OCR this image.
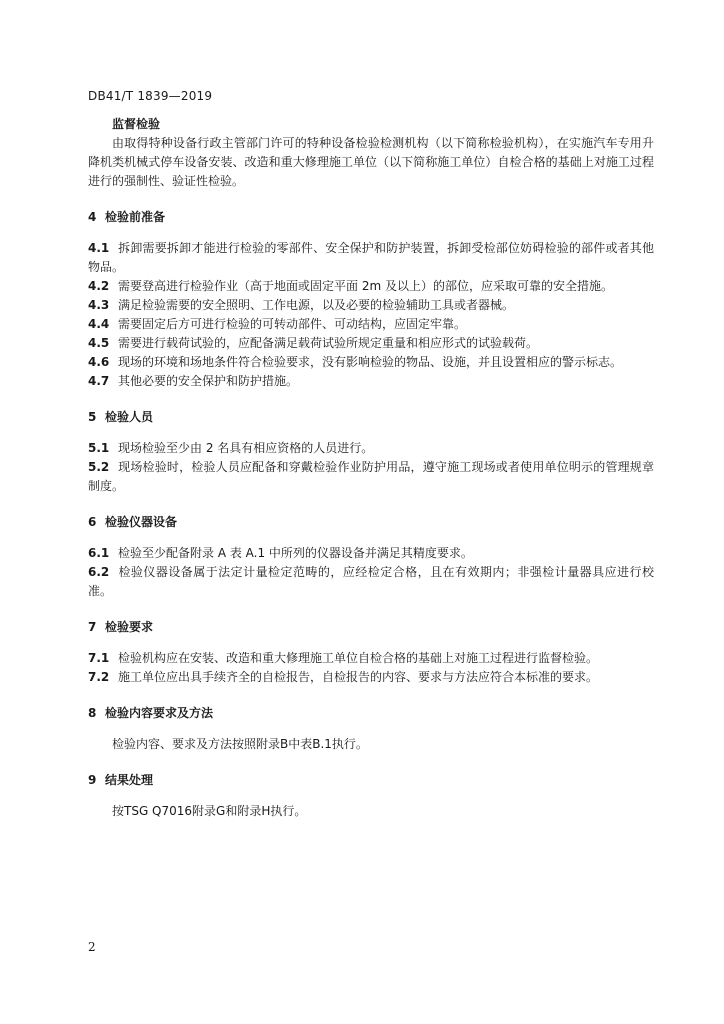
DB41/T 1839—2019
监督检验

由取得特种设备行政主管部门许可的特种设备检验检测机构（以下简称检验机构），在实施汽车专用升降机类机械式停车设备安装、改造和重大修理施工单位（以下简称施工单位）自检合格的基础上对施工过程进行的强制性、验证性检验。

4 检验前准备

4.1 拆卸需要拆卸才能进行检验的零部件、安全保护和防护装置，拆卸受检部位妨碍检验的部件或者其他物品。

4.2 需要登高进行检验作业（高于地面或固定平面 2m 及以上）的部位，应采取可靠的安全措施。

4.3 满足检验需要的安全照明、工作电源，以及必要的检验辅助工具或者器械。

4.4 需要固定后方可进行检验的可转动部件、可动结构，应固定牢靠。

4.5 需要进行载荷试验的，应配备满足载荷试验所规定重量和相应形式的试验载荷。

4.6 现场的环境和场地条件符合检验要求，没有影响检验的物品、设施，并且设置相应的警示标志。

4.7 其他必要的安全保护和防护措施。

5 检验人员

5.1 现场检验至少由 2 名具有相应资格的人员进行。

5.2 现场检验时，检验人员应配备和穿戴检验作业防护用品，遵守施工现场或者使用单位明示的管理规章制度。

6 检验仪器设备

6.1 检验至少配备附录 A 表 A.1 中所列的仪器设备并满足其精度要求。

6.2 检验仪器设备属于法定计量检定范畴的，应经检定合格，且在有效期内；非强检计量器具应进行校准。

7 检验要求

7.1 检验机构应在安装、改造和重大修理施工单位自检合格的基础上对施工过程进行监督检验。

7.2 施工单位应出具手续齐全的自检报告，自检报告的内容、要求与方法应符合本标准的要求。

8 检验内容要求及方法

检验内容、要求及方法按照附录B中表B.1执行。

9 结果处理

按TSG Q7016附录G和附录H执行。

2
